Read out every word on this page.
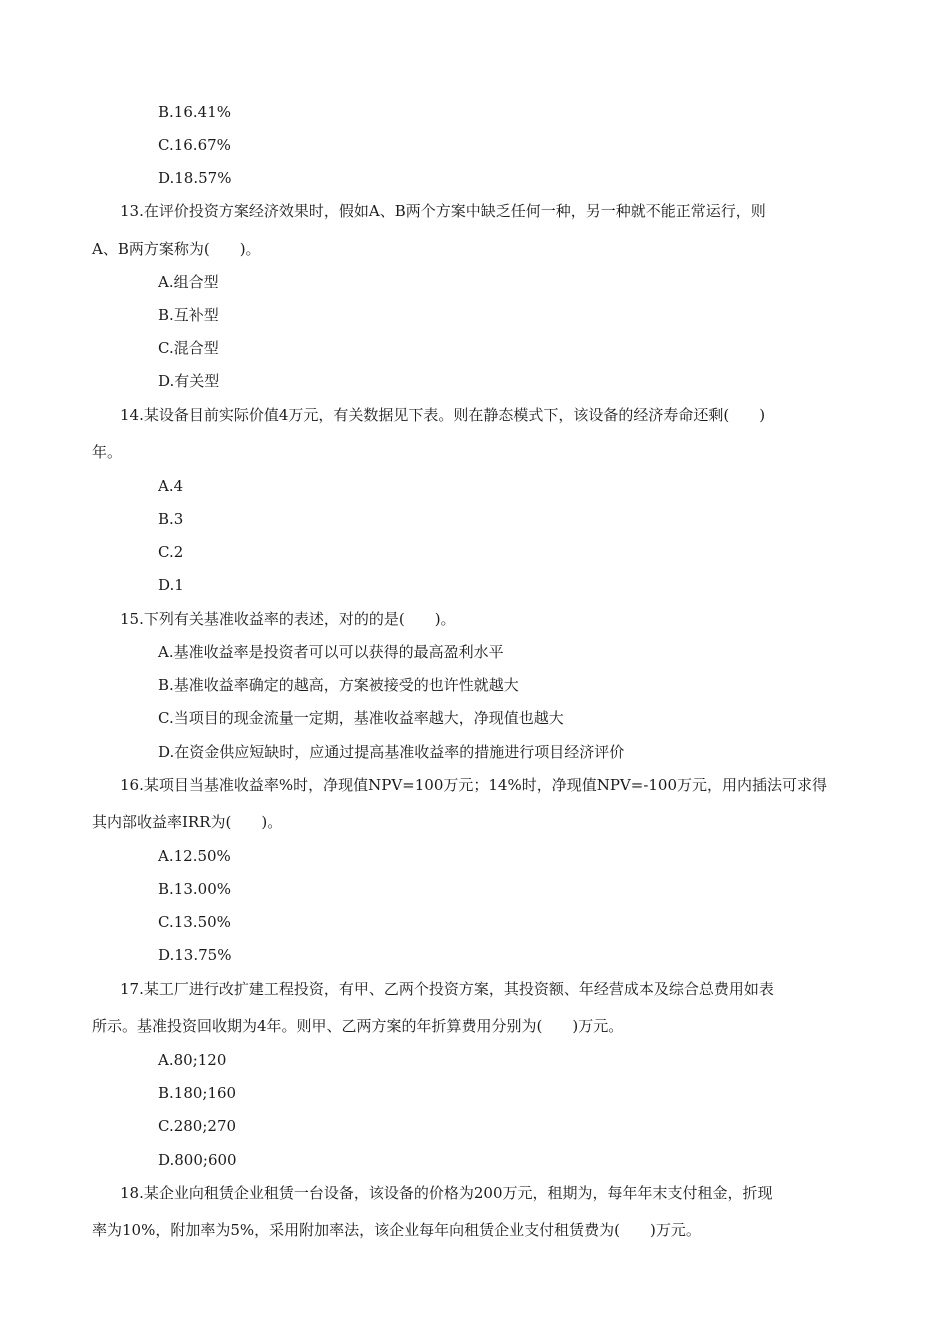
B.16.41%
C.16.67%
D.18.57%
13.在评价投资方案经济效果时，假如A、B两个方案中缺乏任何一种，另一种就不能正常运行，则
A、B两方案称为(　　)。
A.组合型
B.互补型
C.混合型
D.有关型
14.某设备目前实际价值4万元，有关数据见下表。则在静态模式下，该设备的经济寿命还剩(　　)
年。
A.4
B.3
C.2
D.1
15.下列有关基准收益率的表述，对的的是(　　)。
A.基准收益率是投资者可以可以获得的最高盈利水平
B.基准收益率确定的越高，方案被接受的也许性就越大
C.当项目的现金流量一定期，基准收益率越大，净现值也越大
D.在资金供应短缺时，应通过提高基准收益率的措施进行项目经济评价
16.某项目当基准收益率%时，净现值NPV=100万元；14%时，净现值NPV=-100万元，用内插法可求得
其内部收益率IRR为(　　)。
A.12.50%
B.13.00%
C.13.50%
D.13.75%
17.某工厂进行改扩建工程投资，有甲、乙两个投资方案，其投资额、年经营成本及综合总费用如表
所示。基准投资回收期为4年。则甲、乙两方案的年折算费用分别为(　　)万元。
A.80;120
B.180;160
C.280;270
D.800;600
18.某企业向租赁企业租赁一台设备，该设备的价格为200万元，租期为，每年年末支付租金，折现
率为10%，附加率为5%，采用附加率法，该企业每年向租赁企业支付租赁费为(　　)万元。
